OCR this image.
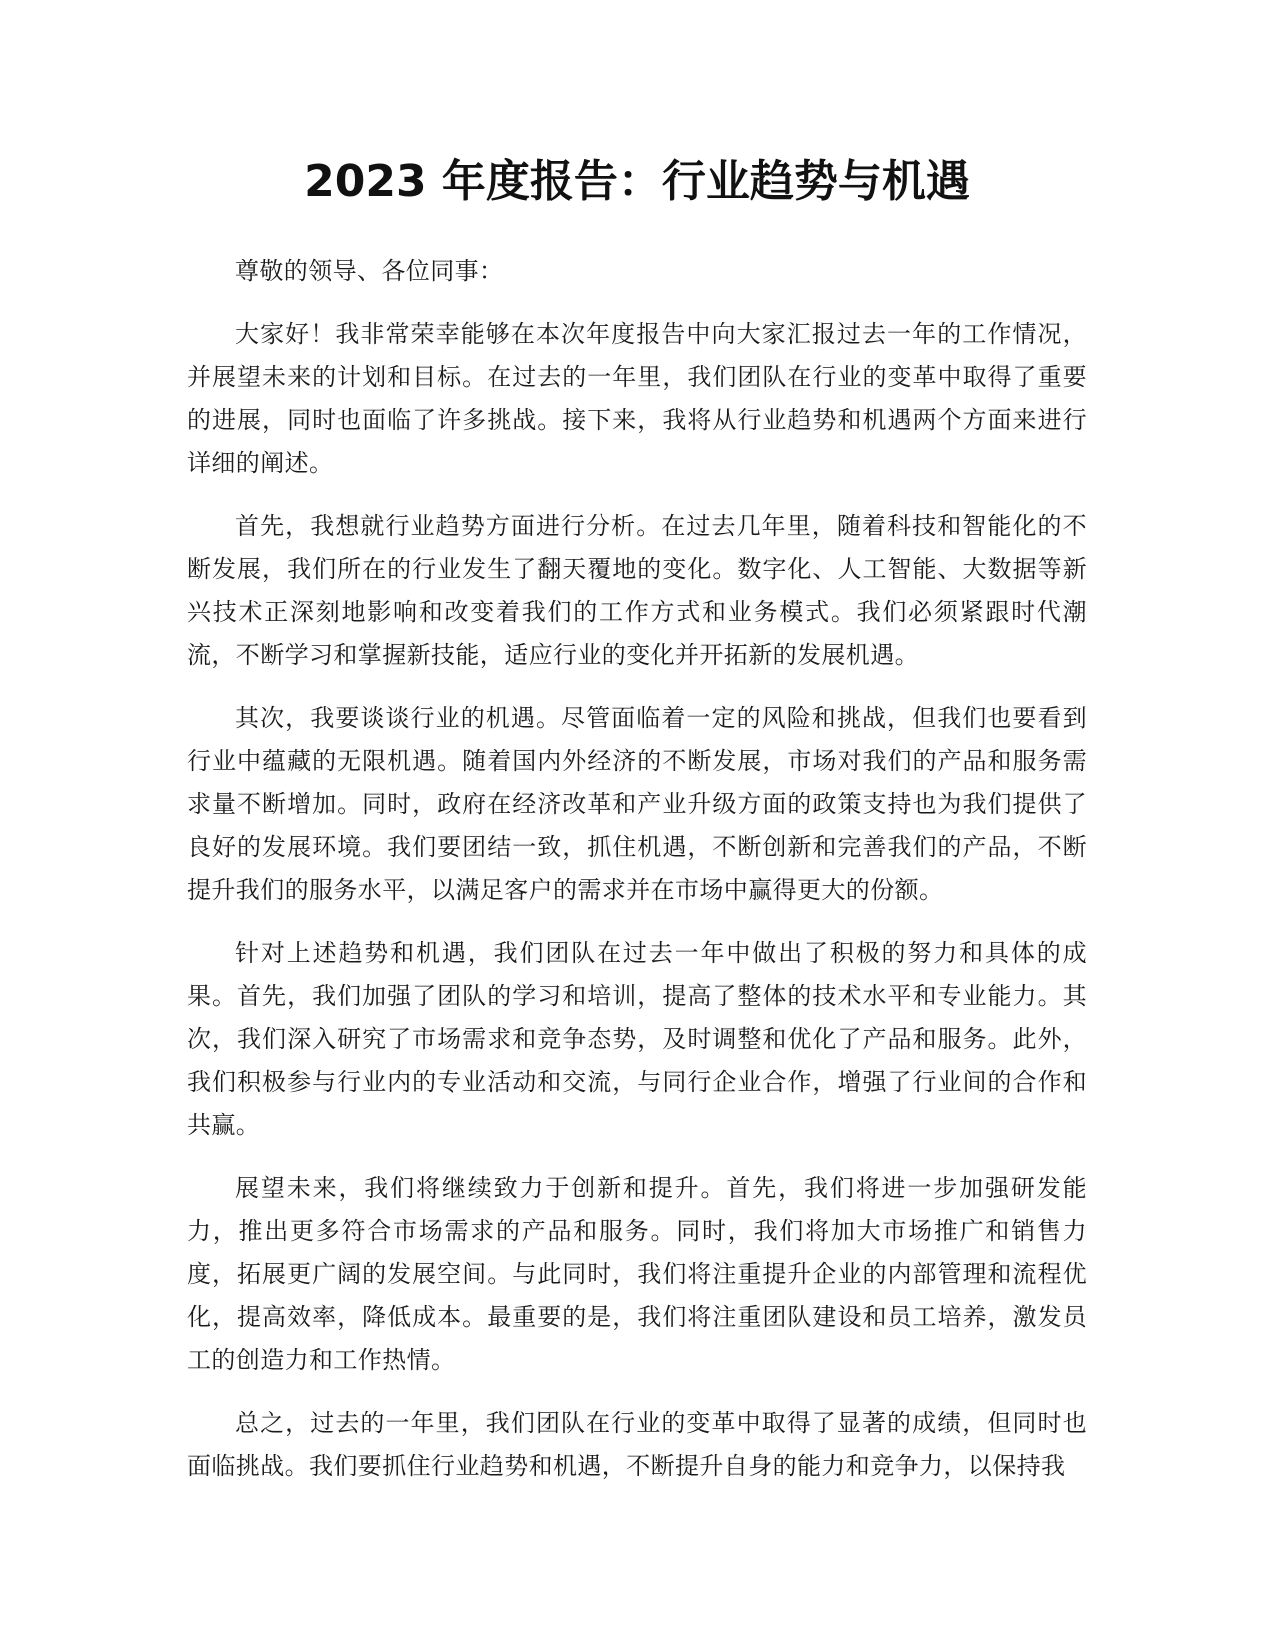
2023 年度报告：行业趋势与机遇

尊敬的领导、各位同事：

大家好！我非常荣幸能够在本次年度报告中向大家汇报过去一年的工作情况，并展望未来的计划和目标。在过去的一年里，我们团队在行业的变革中取得了重要的进展，同时也面临了许多挑战。接下来，我将从行业趋势和机遇两个方面来进行详细的阐述。

首先，我想就行业趋势方面进行分析。在过去几年里，随着科技和智能化的不断发展，我们所在的行业发生了翻天覆地的变化。数字化、人工智能、大数据等新兴技术正深刻地影响和改变着我们的工作方式和业务模式。我们必须紧跟时代潮流，不断学习和掌握新技能，适应行业的变化并开拓新的发展机遇。

其次，我要谈谈行业的机遇。尽管面临着一定的风险和挑战，但我们也要看到行业中蕴藏的无限机遇。随着国内外经济的不断发展，市场对我们的产品和服务需求量不断增加。同时，政府在经济改革和产业升级方面的政策支持也为我们提供了良好的发展环境。我们要团结一致，抓住机遇，不断创新和完善我们的产品，不断提升我们的服务水平，以满足客户的需求并在市场中赢得更大的份额。

针对上述趋势和机遇，我们团队在过去一年中做出了积极的努力和具体的成果。首先，我们加强了团队的学习和培训，提高了整体的技术水平和专业能力。其次，我们深入研究了市场需求和竞争态势，及时调整和优化了产品和服务。此外，我们积极参与行业内的专业活动和交流，与同行企业合作，增强了行业间的合作和共赢。

展望未来，我们将继续致力于创新和提升。首先，我们将进一步加强研发能力，推出更多符合市场需求的产品和服务。同时，我们将加大市场推广和销售力度，拓展更广阔的发展空间。与此同时，我们将注重提升企业的内部管理和流程优化，提高效率，降低成本。最重要的是，我们将注重团队建设和员工培养，激发员工的创造力和工作热情。

总之，过去的一年里，我们团队在行业的变革中取得了显著的成绩，但同时也面临挑战。我们要抓住行业趋势和机遇，不断提升自身的能力和竞争力，以保持我
